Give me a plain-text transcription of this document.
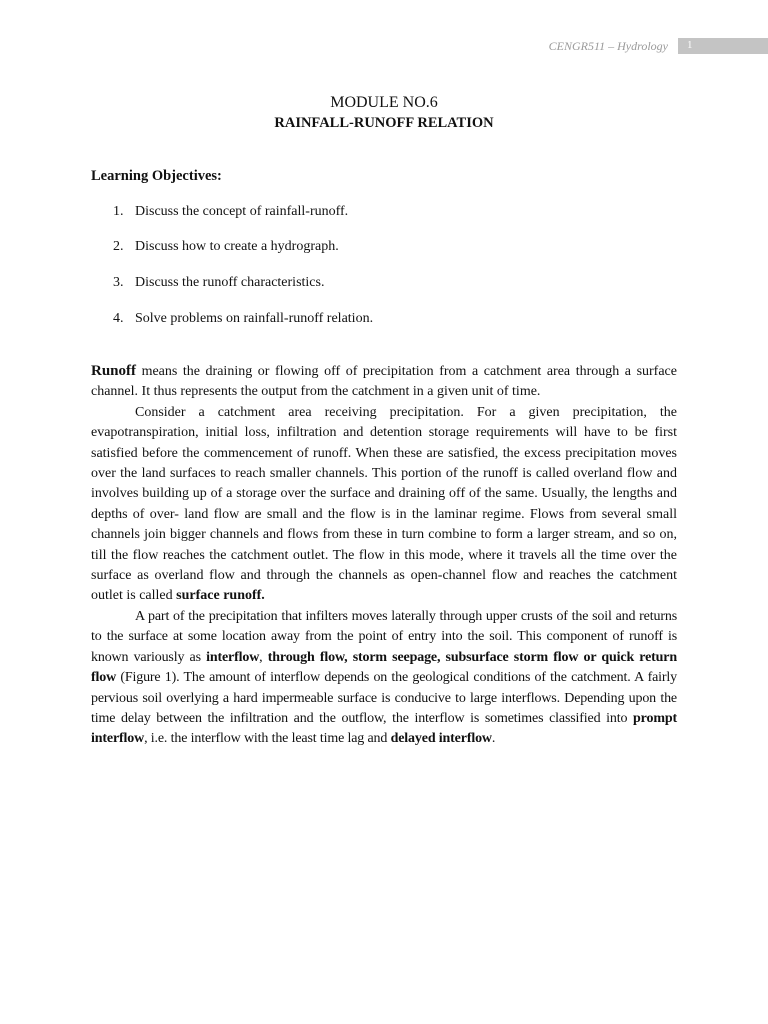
CENGR511 – Hydrology 1
MODULE NO.6
RAINFALL-RUNOFF RELATION
Learning Objectives:
1. Discuss the concept of rainfall-runoff.
2. Discuss how to create a hydrograph.
3. Discuss the runoff characteristics.
4. Solve problems on rainfall-runoff relation.

Runoff means the draining or flowing off of precipitation from a catchment area through a surface channel. It thus represents the output from the catchment in a given unit of time.

Consider a catchment area receiving precipitation. For a given precipitation, the evapotranspiration, initial loss, infiltration and detention storage requirements will have to be first satisfied before the commencement of runoff. When these are satisfied, the excess precipitation moves over the land surfaces to reach smaller channels. This portion of the runoff is called overland flow and involves building up of a storage over the surface and draining off of the same. Usually, the lengths and depths of over- land flow are small and the flow is in the laminar regime. Flows from several small channels join bigger channels and flows from these in turn combine to form a larger stream, and so on, till the flow reaches the catchment outlet. The flow in this mode, where it travels all the time over the surface as overland flow and through the channels as open-channel flow and reaches the catchment outlet is called surface runoff.

A part of the precipitation that infilters moves laterally through upper crusts of the soil and returns to the surface at some location away from the point of entry into the soil. This component of runoff is known variously as interflow, through flow, storm seepage, subsurface storm flow or quick return flow (Figure 1). The amount of interflow depends on the geological conditions of the catchment. A fairly pervious soil overlying a hard impermeable surface is conducive to large interflows. Depending upon the time delay between the infiltration and the outflow, the interflow is sometimes classified into prompt interflow, i.e. the interflow with the least time lag and delayed interflow.
